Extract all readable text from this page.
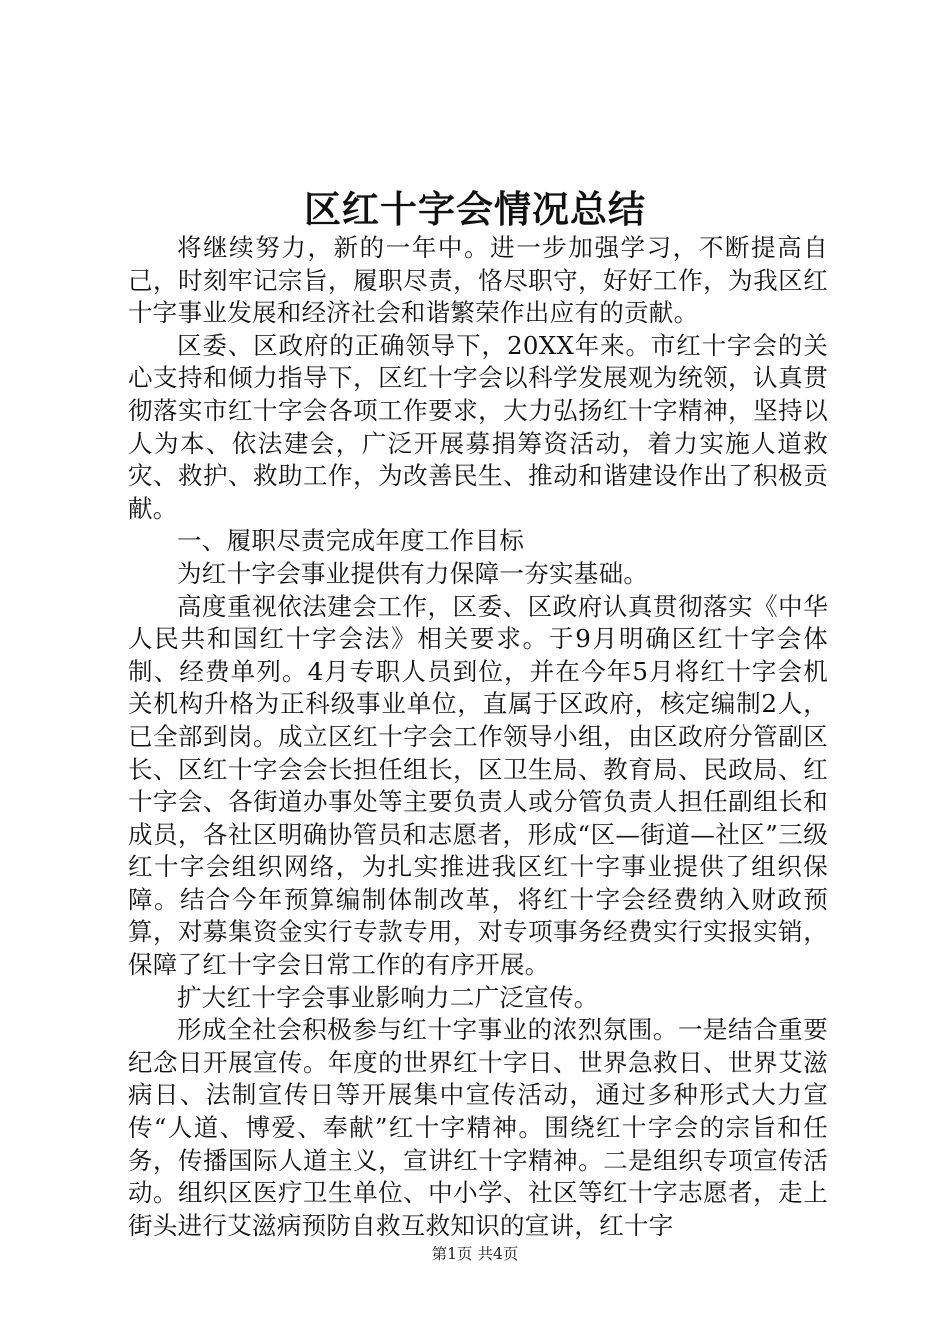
区红十字会情况总结

将继续努力，新的一年中。进一步加强学习，不断提高自己，时刻牢记宗旨，履职尽责，恪尽职守，好好工作，为我区红十字事业发展和经济社会和谐繁荣作出应有的贡献。

区委、区政府的正确领导下，20XX年来。市红十字会的关心支持和倾力指导下，区红十字会以科学发展观为统领，认真贯彻落实市红十字会各项工作要求，大力弘扬红十字精神，坚持以人为本、依法建会，广泛开展募捐筹资活动，着力实施人道救灾、救护、救助工作，为改善民生、推动和谐建设作出了积极贡献。

一、履职尽责完成年度工作目标

为红十字会事业提供有力保障一夯实基础。

高度重视依法建会工作，区委、区政府认真贯彻落实《中华人民共和国红十字会法》相关要求。于9月明确区红十字会体制、经费单列。4月专职人员到位，并在今年5月将红十字会机关机构升格为正科级事业单位，直属于区政府，核定编制2人，已全部到岗。成立区红十字会工作领导小组，由区政府分管副区长、区红十字会会长担任组长，区卫生局、教育局、民政局、红十字会、各街道办事处等主要负责人或分管负责人担任副组长和成员，各社区明确协管员和志愿者，形成“区—街道—社区”三级红十字会组织网络，为扎实推进我区红十字事业提供了组织保障。结合今年预算编制体制改革，将红十字会经费纳入财政预算，对募集资金实行专款专用，对专项事务经费实行实报实销，保障了红十字会日常工作的有序开展。

扩大红十字会事业影响力二广泛宣传。

形成全社会积极参与红十字事业的浓烈氛围。一是结合重要纪念日开展宣传。年度的世界红十字日、世界急救日、世界艾滋病日、法制宣传日等开展集中宣传活动，通过多种形式大力宣传“人道、博爱、奉献”红十字精神。围绕红十字会的宗旨和任务，传播国际人道主义，宣讲红十字精神。二是组织专项宣传活动。组织区医疗卫生单位、中小学、社区等红十字志愿者，走上街头进行艾滋病预防自救互救知识的宣讲，红十字

第1页 共4页
